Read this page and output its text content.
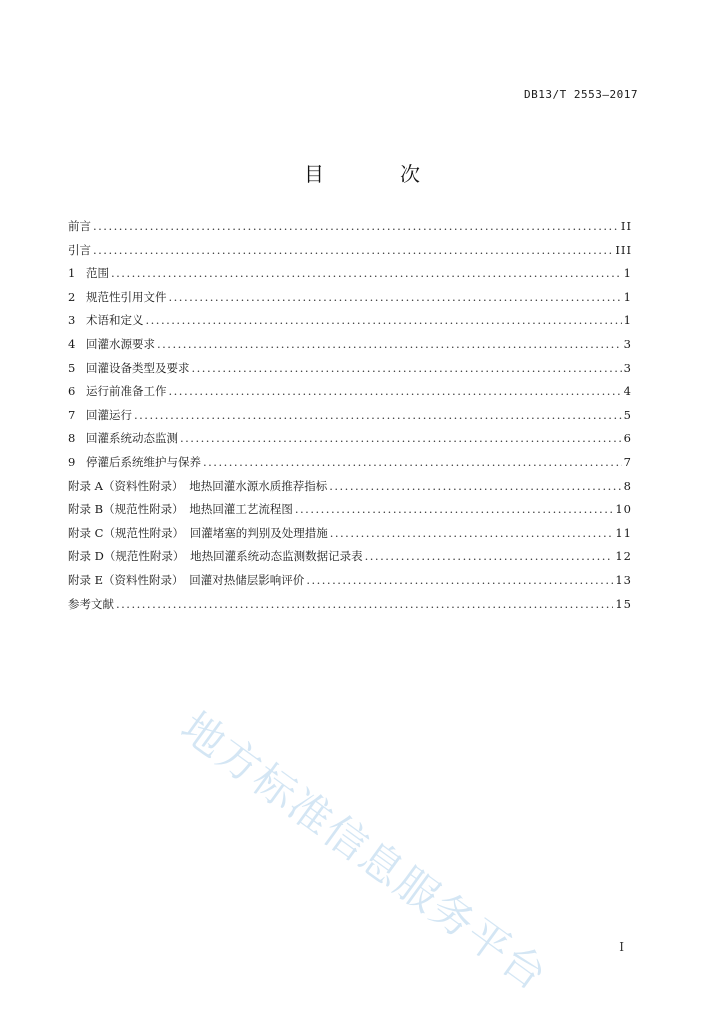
DB13/T 2553—2017
目　次
前言 .....	II
引言 .....	III
1 范围 .....	1
2 规范性引用文件 .....	1
3 术语和定义 .....	1
4 回灌水源要求 .....	3
5 回灌设备类型及要求 .....	3
6 运行前准备工作 .....	4
7 回灌运行 .....	5
8 回灌系统动态监测 .....	6
9 停灌后系统维护与保养 .....	7
附录 A（资料性附录）　地热回灌水源水质推荐指标 .....	8
附录 B（规范性附录）　地热回灌工艺流程图 .....	10
附录 C（规范性附录）　回灌堵塞的判别及处理措施 .....	11
附录 D（规范性附录）　地热回灌系统动态监测数据记录表 .....	12
附录 E（资料性附录）　回灌对热储层影响评价 .....	13
参考文献 .....	15
地方标准信息服务平台	I
